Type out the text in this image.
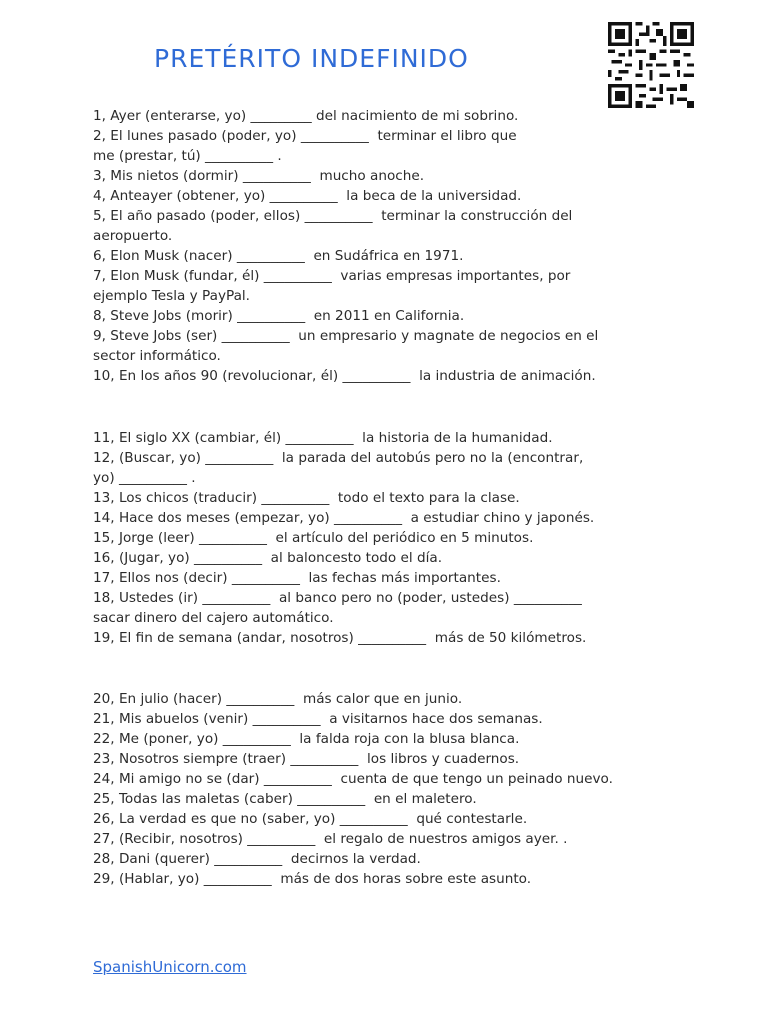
PRETÉRITO INDEFINIDO
1, Ayer (enterarse, yo) _________ del nacimiento de mi sobrino.
2, El lunes pasado (poder, yo) __________  terminar el libro que
me (prestar, tú) __________ .
3, Mis nietos (dormir) __________  mucho anoche.
4, Anteayer (obtener, yo) __________  la beca de la universidad.
5, El año pasado (poder, ellos) __________  terminar la construcción del
aeropuerto.
6, Elon Musk (nacer) __________  en Sudáfrica en 1971.
7, Elon Musk (fundar, él) __________  varias empresas importantes, por
ejemplo Tesla y PayPal.
8, Steve Jobs (morir) __________  en 2011 en California.
9, Steve Jobs (ser) __________  un empresario y magnate de negocios en el
sector informático.
10, En los años 90 (revolucionar, él) __________  la industria de animación.
11, El siglo XX (cambiar, él) __________  la historia de la humanidad.
12, (Buscar, yo) __________  la parada del autobús pero no la (encontrar,
yo) __________ .
13, Los chicos (traducir) __________  todo el texto para la clase.
14, Hace dos meses (empezar, yo) __________  a estudiar chino y japonés.
15, Jorge (leer) __________  el artículo del periódico en 5 minutos.
16, (Jugar, yo) __________  al baloncesto todo el día.
17, Ellos nos (decir) __________  las fechas más importantes.
18, Ustedes (ir) __________  al banco pero no (poder, ustedes) __________
sacar dinero del cajero automático.
19, El fin de semana (andar, nosotros) __________  más de 50 kilómetros.
20, En julio (hacer) __________  más calor que en junio.
21, Mis abuelos (venir) __________  a visitarnos hace dos semanas.
22, Me (poner, yo) __________  la falda roja con la blusa blanca.
23, Nosotros siempre (traer) __________  los libros y cuadernos.
24, Mi amigo no se (dar) __________  cuenta de que tengo un peinado nuevo.
25, Todas las maletas (caber) __________  en el maletero.
26, La verdad es que no (saber, yo) __________  qué contestarle.
27, (Recibir, nosotros) __________  el regalo de nuestros amigos ayer. .
28, Dani (querer) __________  decirnos la verdad.
29, (Hablar, yo) __________  más de dos horas sobre este asunto.
SpanishUnicorn.com
